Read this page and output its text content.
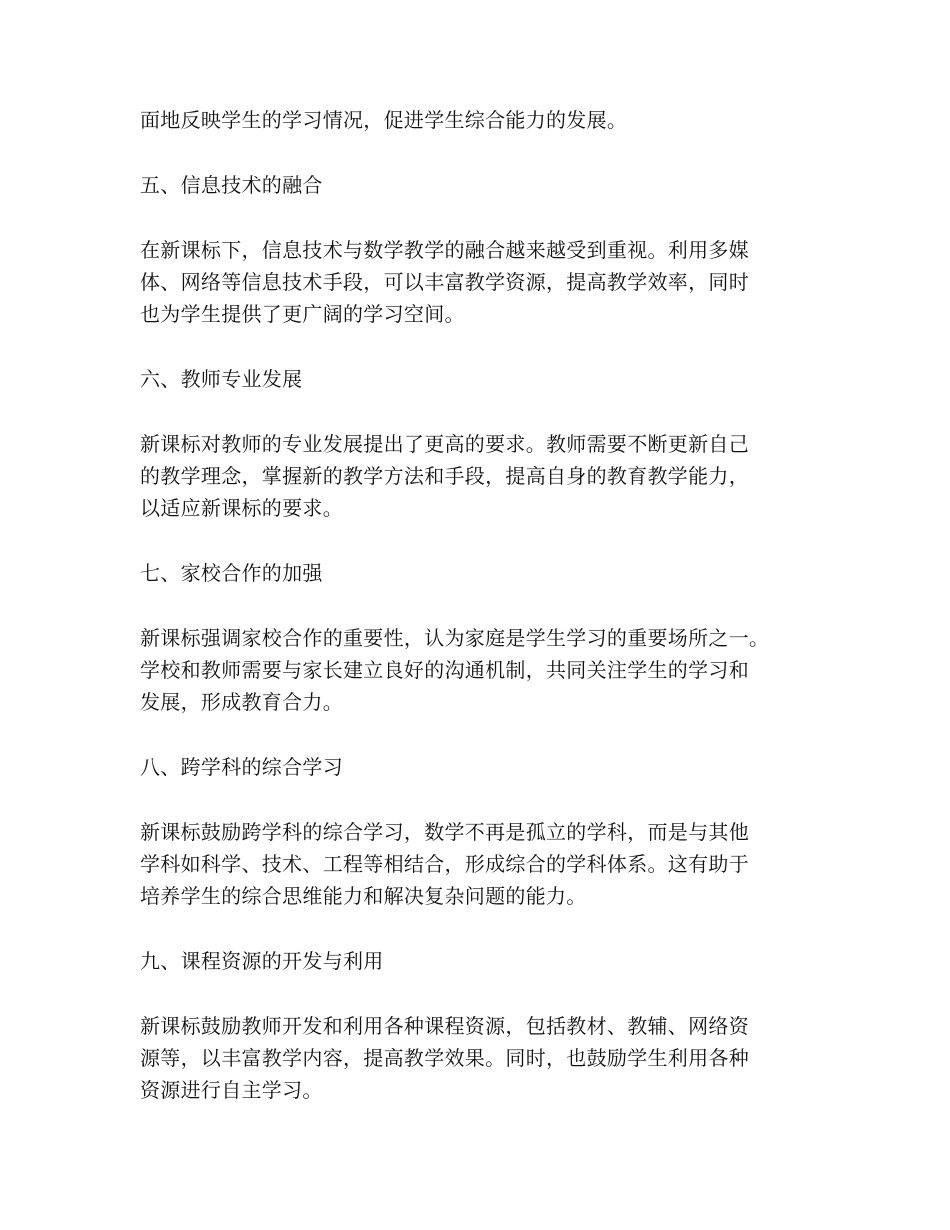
面地反映学生的学习情况，促进学生综合能力的发展。
五、信息技术的融合
在新课标下，信息技术与数学教学的融合越来越受到重视。利用多媒
体、网络等信息技术手段，可以丰富教学资源，提高教学效率，同时
也为学生提供了更广阔的学习空间。
六、教师专业发展
新课标对教师的专业发展提出了更高的要求。教师需要不断更新自己
的教学理念，掌握新的教学方法和手段，提高自身的教育教学能力，
以适应新课标的要求。
七、家校合作的加强
新课标强调家校合作的重要性，认为家庭是学生学习的重要场所之一。
学校和教师需要与家长建立良好的沟通机制，共同关注学生的学习和
发展，形成教育合力。
八、跨学科的综合学习
新课标鼓励跨学科的综合学习，数学不再是孤立的学科，而是与其他
学科如科学、技术、工程等相结合，形成综合的学科体系。这有助于
培养学生的综合思维能力和解决复杂问题的能力。
九、课程资源的开发与利用
新课标鼓励教师开发和利用各种课程资源，包括教材、教辅、网络资
源等，以丰富教学内容，提高教学效果。同时，也鼓励学生利用各种
资源进行自主学习。
